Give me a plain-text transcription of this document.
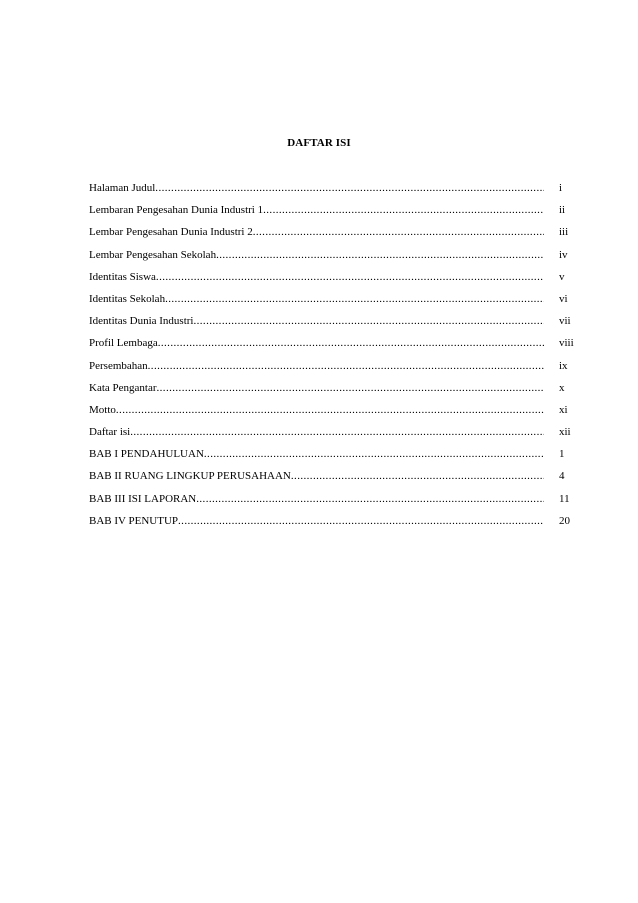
DAFTAR ISI
Halaman Judul .....	i
Lembaran Pengesahan Dunia Industri 1 .....	ii
Lembar Pengesahan Dunia Industri 2 .....	iii
Lembar Pengesahan Sekolah .....	iv
Identitas Siswa .....	v
Identitas Sekolah .....	vi
Identitas Dunia Industri .....	vii
Profil Lembaga .....	viii
Persembahan .....	ix
Kata Pengantar .....	x
Motto .....	xi
Daftar isi .....	xii
BAB I PENDAHULUAN .....	1
BAB II RUANG LINGKUP PERUSAHAAN .....	4
BAB III ISI LAPORAN .....	11
BAB IV PENUTUP .....	20
